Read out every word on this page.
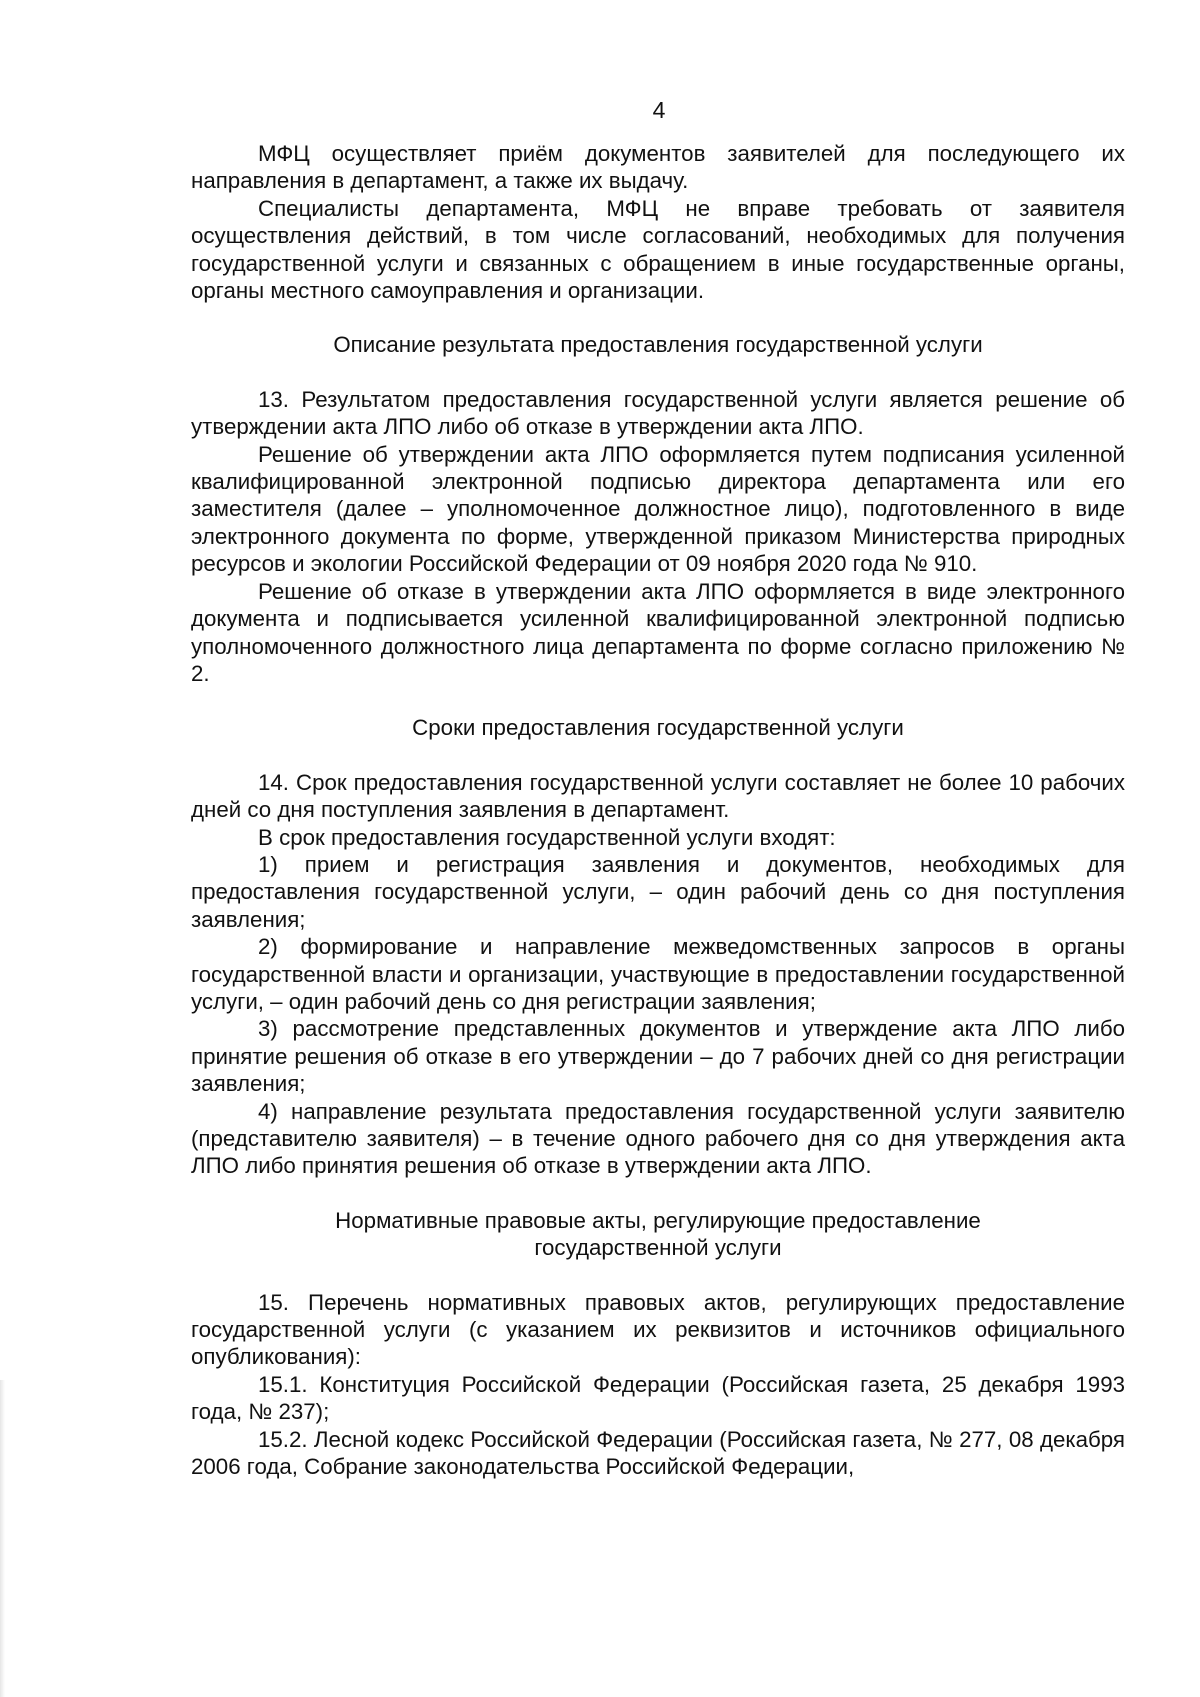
4

МФЦ осуществляет приём документов заявителей для последующего их направления в департамент, а также их выдачу.

Специалисты департамента, МФЦ не вправе требовать от заявителя осуществления действий, в том числе согласований, необходимых для получения государственной услуги и связанных с обращением в иные государственные органы, органы местного самоуправления и организации.

Описание результата предоставления государственной услуги

13. Результатом предоставления государственной услуги является решение об утверждении акта ЛПО либо об отказе в утверждении акта ЛПО.

Решение об утверждении акта ЛПО оформляется путем подписания усиленной квалифицированной электронной подписью директора департамента или его заместителя (далее – уполномоченное должностное лицо), подготовленного в виде электронного документа по форме, утвержденной приказом Министерства природных ресурсов и экологии Российской Федерации от 09 ноября 2020 года № 910.

Решение об отказе в утверждении акта ЛПО оформляется в виде электронного документа и подписывается усиленной квалифицированной электронной подписью уполномоченного должностного лица департамента по форме согласно приложению № 2.

Сроки предоставления государственной услуги

14. Срок предоставления государственной услуги составляет не более 10 рабочих дней со дня поступления заявления в департамент.

В срок предоставления государственной услуги входят:

1) прием и регистрация заявления и документов, необходимых для предоставления государственной услуги, – один рабочий день со дня поступления заявления;

2) формирование и направление межведомственных запросов в органы государственной власти и организации, участвующие в предоставлении государственной услуги, – один рабочий день со дня регистрации заявления;

3) рассмотрение представленных документов и утверждение акта ЛПО либо принятие решения об отказе в его утверждении – до 7 рабочих дней со дня регистрации заявления;

4) направление результата предоставления государственной услуги заявителю (представителю заявителя) – в течение одного рабочего дня со дня утверждения акта ЛПО либо принятия решения об отказе в утверждении акта ЛПО.

Нормативные правовые акты, регулирующие предоставление

государственной услуги

15. Перечень нормативных правовых актов, регулирующих предоставление государственной услуги (с указанием их реквизитов и источников официального опубликования):

15.1. Конституция Российской Федерации (Российская газета, 25 декабря 1993 года, № 237);

15.2. Лесной кодекс Российской Федерации (Российская газета, № 277, 08 декабря 2006 года, Собрание законодательства Российской Федерации,
